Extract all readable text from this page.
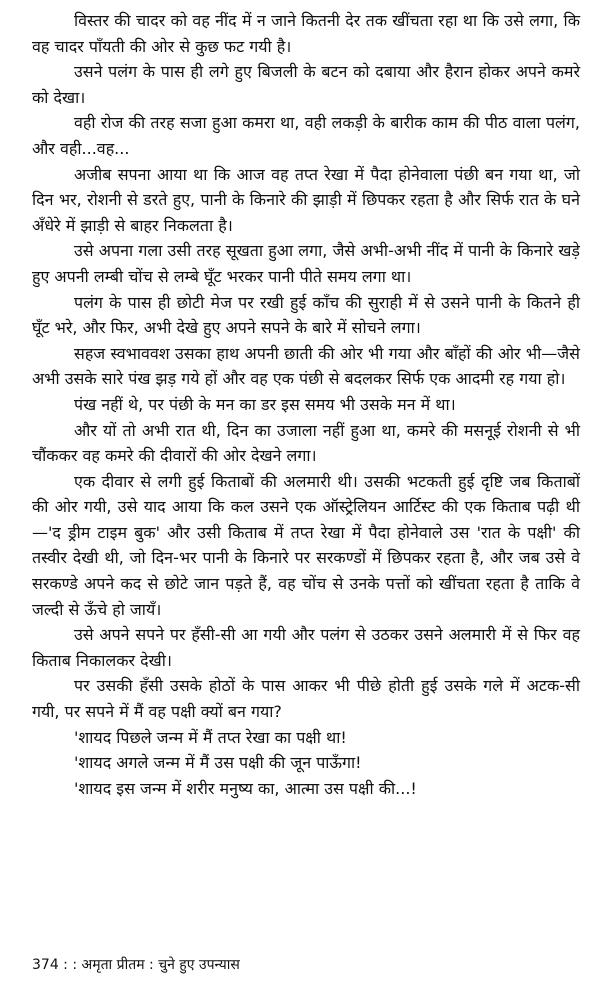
विस्तर की चादर को वह नींद में न जाने कितनी देर तक खींचता रहा था कि उसे लगा, कि वह चादर पाँयती की ओर से कुछ फट गयी है।

उसने पलंग के पास ही लगे हुए बिजली के बटन को दबाया और हैरान होकर अपने कमरे को देखा।

वही रोज की तरह सजा हुआ कमरा था, वही लकड़ी के बारीक काम की पीठ वाला पलंग, और वही...वह...

अजीब सपना आया था कि आज वह तप्त रेखा में पैदा होनेवाला पंछी बन गया था, जो दिन भर, रोशनी से डरते हुए, पानी के किनारे की झाड़ी में छिपकर रहता है और सिर्फ रात के घने अँधेरे में झाड़ी से बाहर निकलता है।

उसे अपना गला उसी तरह सूखता हुआ लगा, जैसे अभी-अभी नींद में पानी के किनारे खड़े हुए अपनी लम्बी चोंच से लम्बे घूँट भरकर पानी पीते समय लगा था।

पलंग के पास ही छोटी मेज पर रखी हुई काँच की सुराही में से उसने पानी के कितने ही घूँट भरे, और फिर, अभी देखे हुए अपने सपने के बारे में सोचने लगा।

सहज स्वभाववश उसका हाथ अपनी छाती की ओर भी गया और बाँहों की ओर भी—जैसे अभी उसके सारे पंख झड़ गये हों और वह एक पंछी से बदलकर सिर्फ एक आदमी रह गया हो।

पंख नहीं थे, पर पंछी के मन का डर इस समय भी उसके मन में था।

और यों तो अभी रात थी, दिन का उजाला नहीं हुआ था, कमरे की मसनूई रोशनी से भी चौंककर वह कमरे की दीवारों की ओर देखने लगा।

एक दीवार से लगी हुई किताबों की अलमारी थी। उसकी भटकती हुई दृष्टि जब किताबों की ओर गयी, उसे याद आया कि कल उसने एक ऑस्ट्रेलियन आर्टिस्ट की एक किताब पढ़ी थी—'द ड्रीम टाइम बुक' और उसी किताब में तप्त रेखा में पैदा होनेवाले उस 'रात के पक्षी' की तस्वीर देखी थी, जो दिन-भर पानी के किनारे पर सरकण्डों में छिपकर रहता है, और जब उसे वे सरकण्डे अपने कद से छोटे जान पड़ते हैं, वह चोंच से उनके पत्तों को खींचता रहता है ताकि वे जल्दी से ऊँचे हो जायँ।

उसे अपने सपने पर हँसी-सी आ गयी और पलंग से उठकर उसने अलमारी में से फिर वह किताब निकालकर देखी।

पर उसकी हँसी उसके होठों के पास आकर भी पीछे होती हुई उसके गले में अटक-सी गयी, पर सपने में मैं वह पक्षी क्यों बन गया?

'शायद पिछले जन्म में मैं तप्त रेखा का पक्षी था!

'शायद अगले जन्म में मैं उस पक्षी की जून पाऊँगा!

'शायद इस जन्म में शरीर मनुष्य का, आत्मा उस पक्षी की...!

374 : : अमृता प्रीतम : चुने हुए उपन्यास
